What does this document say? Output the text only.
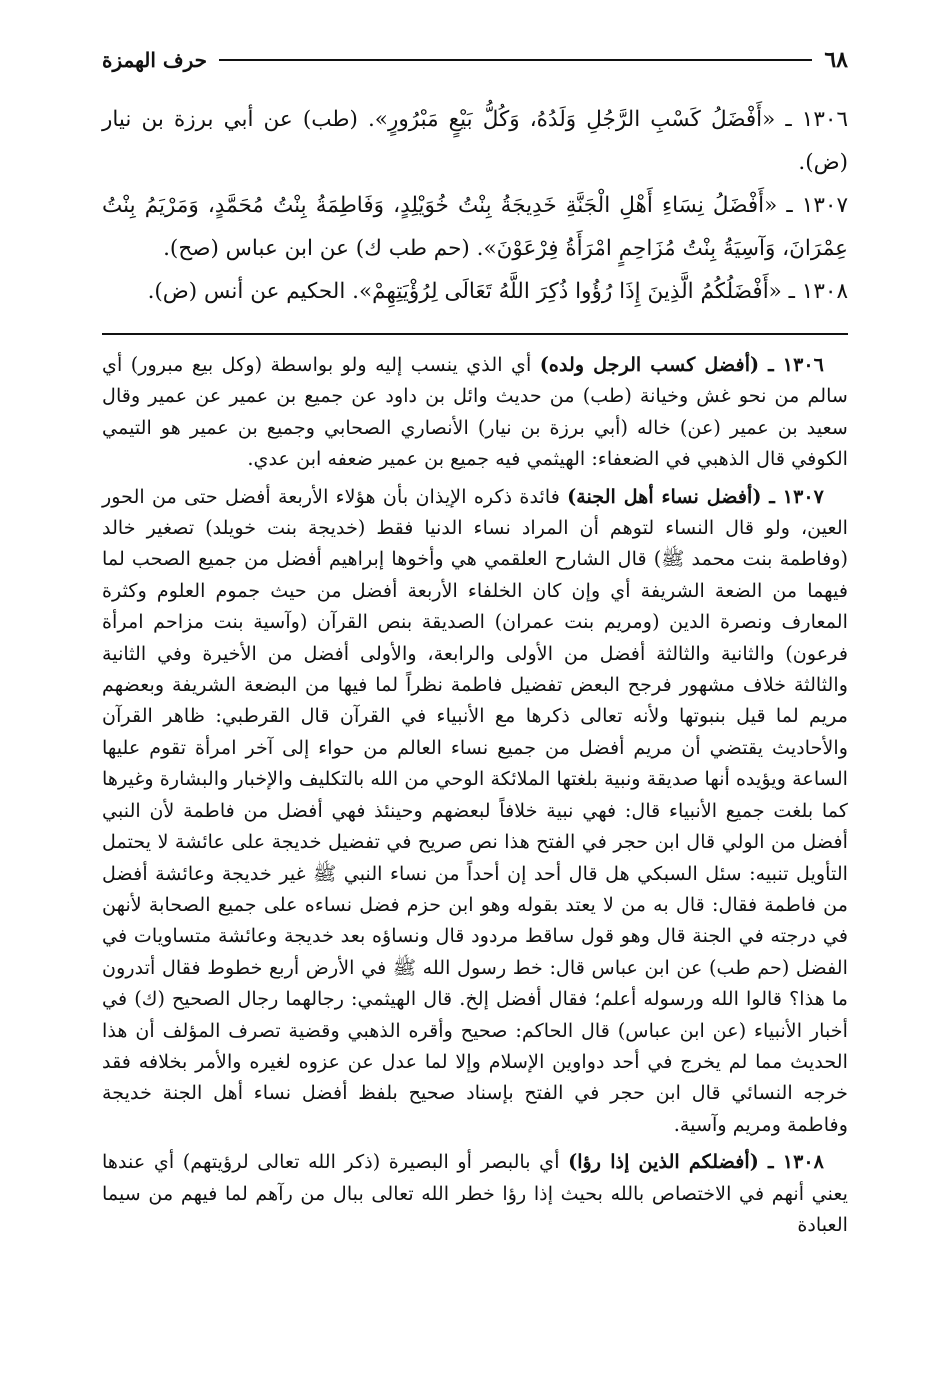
حرف الهمزة	٦٨

١٣٠٦ ـ «أَفْضَلُ كَسْبِ الرَّجُلِ وَلَدُهُ، وَكُلُّ بَيْعٍ مَبْرُورٍ». (طب) عن أبي برزة بن نيار (ض).

١٣٠٧ ـ «أَفْضَلُ نِسَاءِ أَهْلِ الْجَنَّةِ خَدِيجَةُ بِنْتُ خُوَيْلِدٍ، وَفَاطِمَةُ بِنْتُ مُحَمَّدٍ، وَمَرْيَمُ بِنْتُ عِمْرَانَ، وَآسِيَةُ بِنْتُ مُزَاحِمٍ امْرَأَةُ فِرْعَوْنَ». (حم طب ك) عن ابن عباس (صح).

١٣٠٨ ـ «أَفْضَلُكُمُ الَّذِينَ إِذَا رُؤُوا ذُكِرَ اللَّهُ تَعَالَى لِرُؤْيَتِهِمْ». الحكيم عن أنس (ض).

١٣٠٦ ـ (أفضل كسب الرجل ولده) أي الذي ينسب إليه ولو بواسطة (وكل بيع مبرور) أي سالم من نحو غش وخيانة (طب) من حديث وائل بن داود عن جميع بن عمير عن عمير وقال سعيد بن عمير (عن) خاله (أبي برزة بن نيار) الأنصاري الصحابي وجميع بن عمير هو التيمي الكوفي قال الذهبي في الضعفاء: الهيثمي فيه جميع بن عمير ضعفه ابن عدي.

١٣٠٧ ـ (أفضل نساء أهل الجنة) فائدة ذكره الإيذان بأن هؤلاء الأربعة أفضل حتى من الحور العين، ولو قال النساء لتوهم أن المراد نساء الدنيا فقط (خديجة بنت خويلد) تصغير خالد (وفاطمة بنت محمد ﷺ) قال الشارح العلقمي هي وأخوها إبراهيم أفضل من جميع الصحب لما فيهما من الضعة الشريفة أي وإن كان الخلفاء الأربعة أفضل من حيث جموم العلوم وكثرة المعارف ونصرة الدين (ومريم بنت عمران) الصديقة بنص القرآن (وآسية بنت مزاحم امرأة فرعون) والثانية والثالثة أفضل من الأولى والرابعة، والأولى أفضل من الأخيرة وفي الثانية والثالثة خلاف مشهور فرجح البعض تفضيل فاطمة نظراً لما فيها من البضعة الشريفة وبعضهم مريم لما قيل بنبوتها ولأنه تعالى ذكرها مع الأنبياء في القرآن قال القرطبي: ظاهر القرآن والأحاديث يقتضي أن مريم أفضل من جميع نساء العالم من حواء إلى آخر امرأة تقوم عليها الساعة ويؤيده أنها صديقة ونبية بلغتها الملائكة الوحي من الله بالتكليف والإخبار والبشارة وغيرها كما بلغت جميع الأنبياء قال: فهي نبية خلافاً لبعضهم وحينئذ فهي أفضل من فاطمة لأن النبي أفضل من الولي قال ابن حجر في الفتح هذا نص صريح في تفضيل خديجة على عائشة لا يحتمل التأويل تنبيه: سئل السبكي هل قال أحد إن أحداً من نساء النبي ﷺ غير خديجة وعائشة أفضل من فاطمة فقال: قال به من لا يعتد بقوله وهو ابن حزم فضل نساءه على جميع الصحابة لأنهن في درجته في الجنة قال وهو قول ساقط مردود قال ونساؤه بعد خديجة وعائشة متساويات في الفضل (حم طب) عن ابن عباس قال: خط رسول الله ﷺ في الأرض أربع خطوط فقال أتدرون ما هذا؟ قالوا الله ورسوله أعلم؛ فقال أفضل إلخ. قال الهيثمي: رجالهما رجال الصحيح (ك) في أخبار الأنبياء (عن ابن عباس) قال الحاكم: صحيح وأقره الذهبي وقضية تصرف المؤلف أن هذا الحديث مما لم يخرج في أحد دواوين الإسلام وإلا لما عدل عن عزوه لغيره والأمر بخلافه فقد خرجه النسائي قال ابن حجر في الفتح بإسناد صحيح بلفظ أفضل نساء أهل الجنة خديجة وفاطمة ومريم وآسية.

١٣٠٨ ـ (أفضلكم الذين إذا رؤا) أي بالبصر أو البصيرة (ذكر الله تعالى لرؤيتهم) أي عندها يعني أنهم في الاختصاص بالله بحيث إذا رؤا خطر الله تعالى ببال من رآهم لما فيهم من سيما العبادة
